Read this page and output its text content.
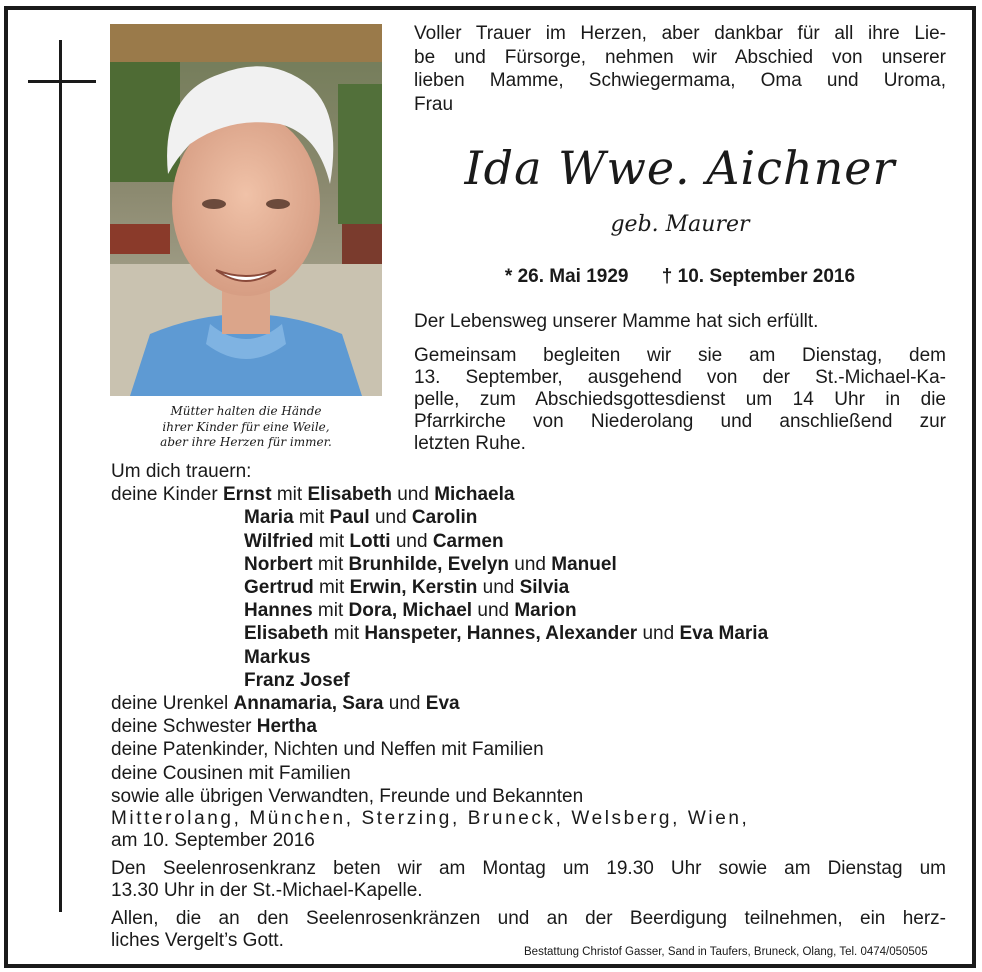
Mütter halten die Hände
ihrer Kinder für eine Weile,
aber ihre Herzen für immer.
Voller Trauer im Herzen, aber dankbar für all ihre Lie-
be und Fürsorge, nehmen wir Abschied von unserer
lieben Mamme, Schwiegermama, Oma und Uroma,
Frau
Ida Wwe. Aichner
geb. Maurer
* 26. Mai 1929 † 10. September 2016
Der Lebensweg unserer Mamme hat sich erfüllt.
Gemeinsam begleiten wir sie am Dienstag, dem
13. September, ausgehend von der St.-Michael-Ka-
pelle, zum Abschiedsgottesdienst um 14 Uhr in die
Pfarrkirche von Niederolang und anschließend zur
letzten Ruhe.
Um dich trauern:
deine Kinder Ernst mit Elisabeth und Michaela
Maria mit Paul und Carolin
Wilfried mit Lotti und Carmen
Norbert mit Brunhilde, Evelyn und Manuel
Gertrud mit Erwin, Kerstin und Silvia
Hannes mit Dora, Michael und Marion
Elisabeth mit Hanspeter, Hannes, Alexander und Eva Maria
Markus
Franz Josef
deine Urenkel Annamaria, Sara und Eva
deine Schwester Hertha
deine Patenkinder, Nichten und Neffen mit Familien
deine Cousinen mit Familien
sowie alle übrigen Verwandten, Freunde und Bekannten
Mitterolang, München, Sterzing, Bruneck, Welsberg, Wien,
am 10. September 2016
Den Seelenrosenkranz beten wir am Montag um 19.30 Uhr sowie am Dienstag um
13.30 Uhr in der St.-Michael-Kapelle.
Allen, die an den Seelenrosenkränzen und an der Beerdigung teilnehmen, ein herz-
liches Vergelt’s Gott.
Bestattung Christof Gasser, Sand in Taufers, Bruneck, Olang, Tel. 0474/050505
